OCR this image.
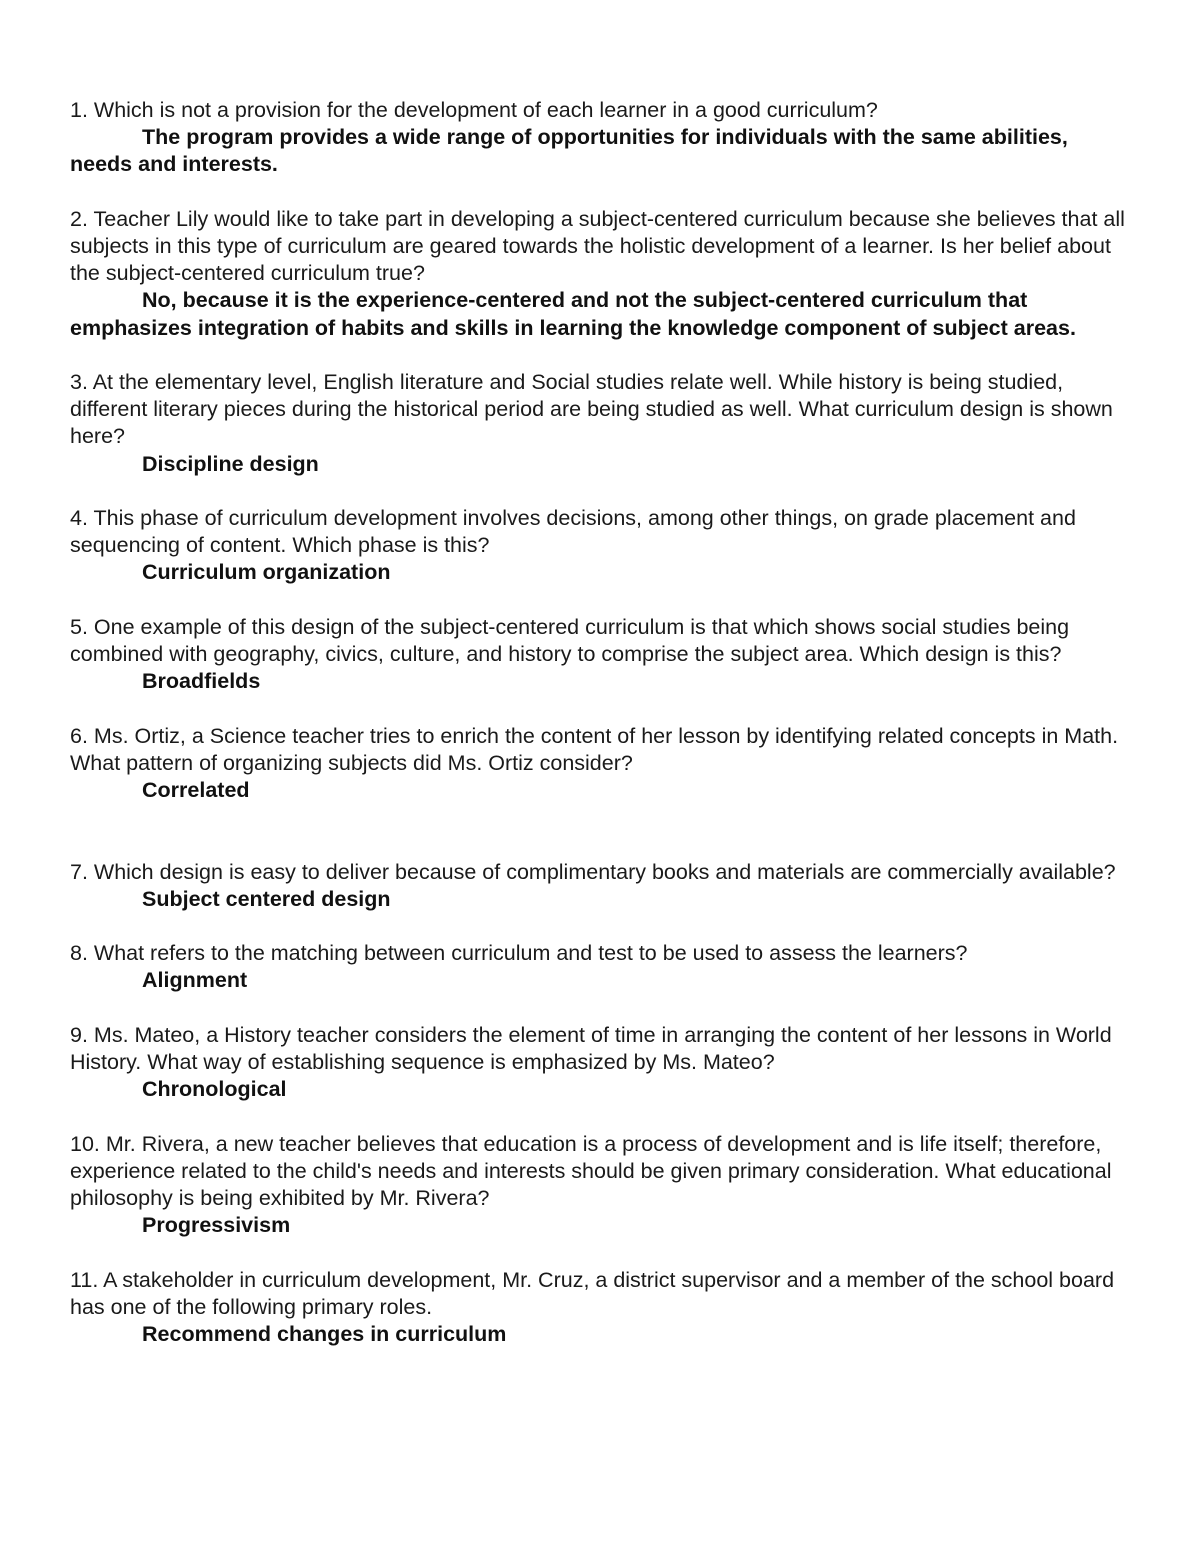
1. Which is not a provision for the development of each learner in a good curriculum?

The program provides a wide range of opportunities for individuals with the same abilities, needs and interests.

2. Teacher Lily would like to take part in developing a subject-centered curriculum because she believes that all subjects in this type of curriculum are geared towards the holistic development of a learner. Is her belief about the subject-centered curriculum true?

No, because it is the experience-centered and not the subject-centered curriculum that emphasizes integration of habits and skills in learning the knowledge component of subject areas.

3. At the elementary level, English literature and Social studies relate well. While history is being studied, different literary pieces during the historical period are being studied as well. What curriculum design is shown here?

Discipline design

4. This phase of curriculum development involves decisions, among other things, on grade placement and sequencing of content. Which phase is this?

Curriculum organization

5. One example of this design of the subject-centered curriculum is that which shows social studies being combined with geography, civics, culture, and history to comprise the subject area. Which design is this?

Broadfields

6. Ms. Ortiz, a Science teacher tries to enrich the content of her lesson by identifying related concepts in Math. What pattern of organizing subjects did Ms. Ortiz consider?

Correlated

7. Which design is easy to deliver because of complimentary books and materials are commercially available?

Subject centered design

8. What refers to the matching between curriculum and test to be used to assess the learners?

Alignment

9. Ms. Mateo, a History teacher considers the element of time in arranging the content of her lessons in World History. What way of establishing sequence is emphasized by Ms. Mateo?

Chronological

10. Mr. Rivera, a new teacher believes that education is a process of development and is life itself; therefore, experience related to the child's needs and interests should be given primary consideration. What educational philosophy is being exhibited by Mr. Rivera?

Progressivism

11. A stakeholder in curriculum development, Mr. Cruz, a district supervisor and a member of the school board has one of the following primary roles.

Recommend changes in curriculum
